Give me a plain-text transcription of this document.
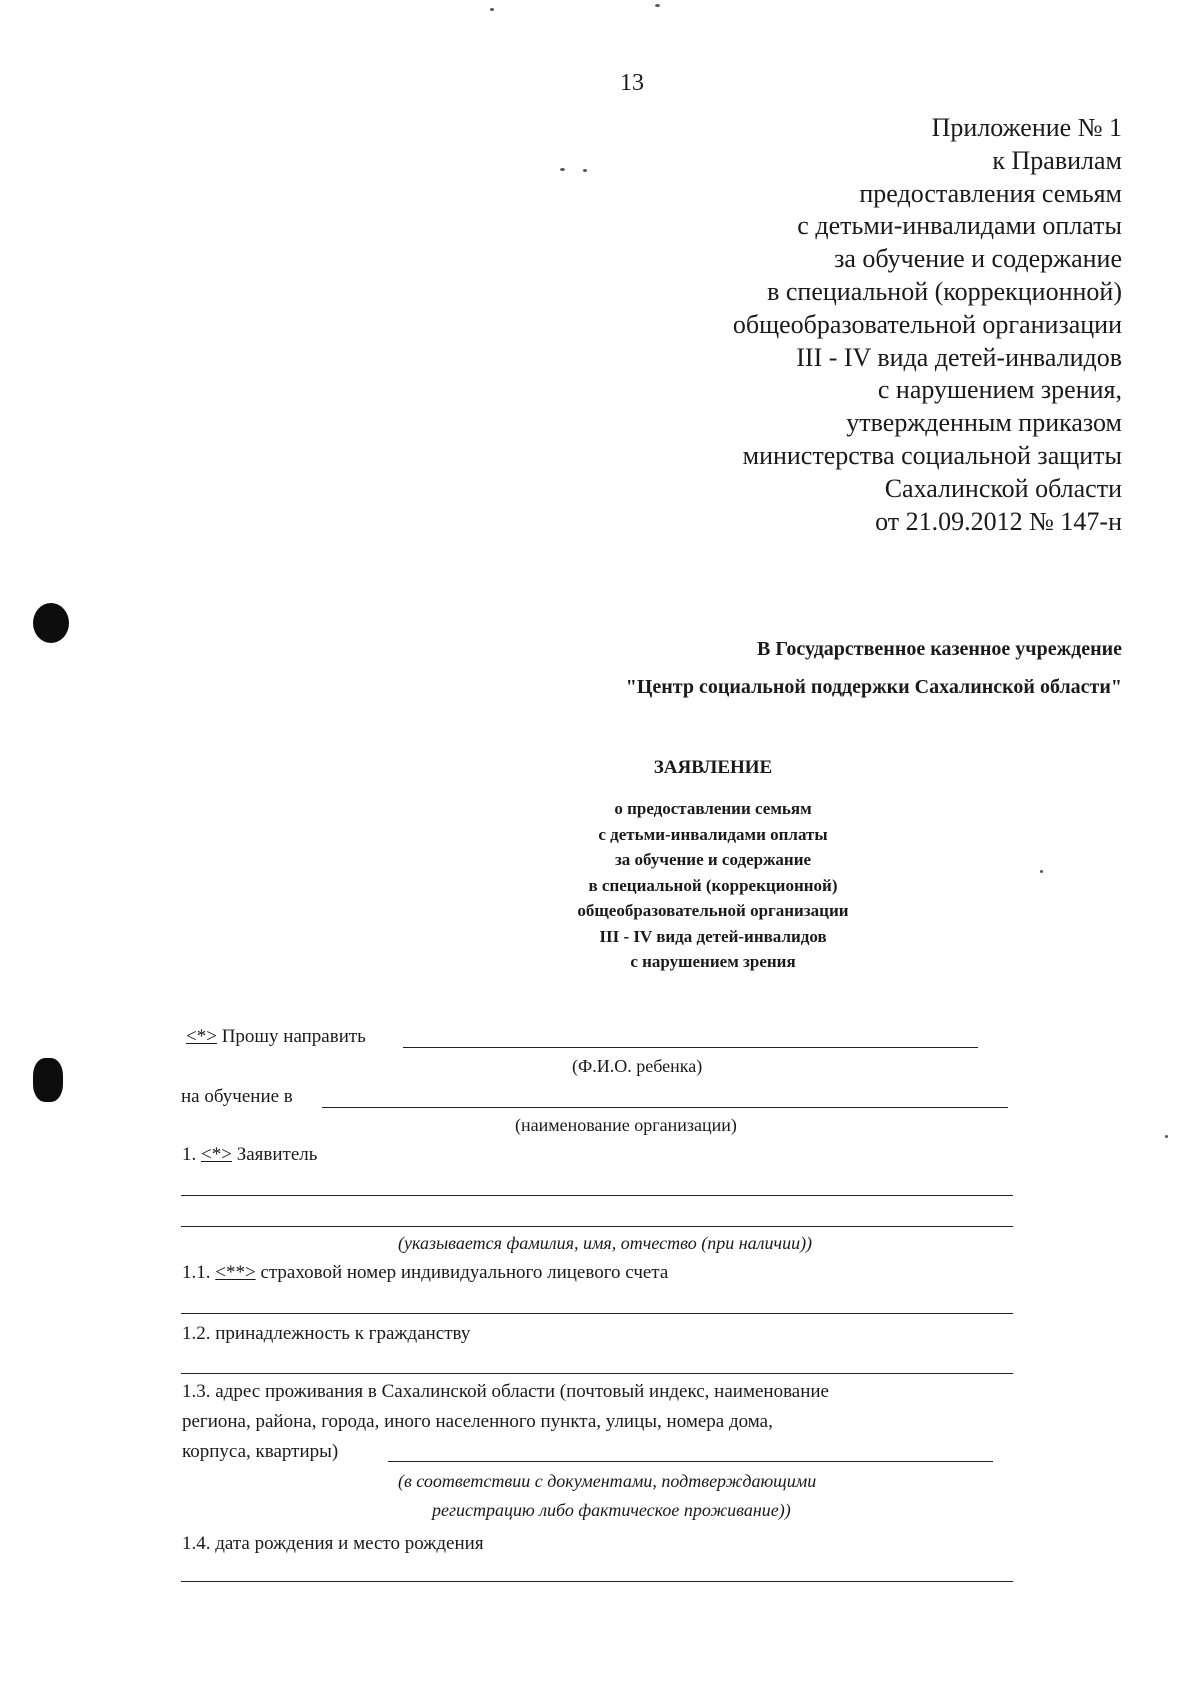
13
Приложение № 1
к Правилам
предоставления семьям
с детьми-инвалидами оплаты
за обучение и содержание
в специальной (коррекционной)
общеобразовательной организации
III - IV вида детей-инвалидов
с нарушением зрения,
утвержденным приказом
министерства социальной защиты
Сахалинской области
от 21.09.2012 № 147-н
В Государственное казенное учреждение
"Центр социальной поддержки Сахалинской области"
ЗАЯВЛЕНИЕ
о предоставлении семьям
с детьми-инвалидами оплаты
за обучение и содержание
в специальной (коррекционной)
общеобразовательной организации
III - IV вида детей-инвалидов
с нарушением зрения
<*> Прошу направить
(Ф.И.О. ребенка)
на обучение в
(наименование организации)
1. <*> Заявитель
(указывается фамилия, имя, отчество (при наличии))
1.1. <**> страховой номер индивидуального лицевого счета
1.2. принадлежность к гражданству
1.3. адрес проживания в Сахалинской области (почтовый индекс, наименование
региона, района, города, иного населенного пункта, улицы, номера дома,
корпуса, квартиры)
(в соответствии с документами, подтверждающими
регистрацию либо фактическое проживание))
1.4. дата рождения и место рождения
